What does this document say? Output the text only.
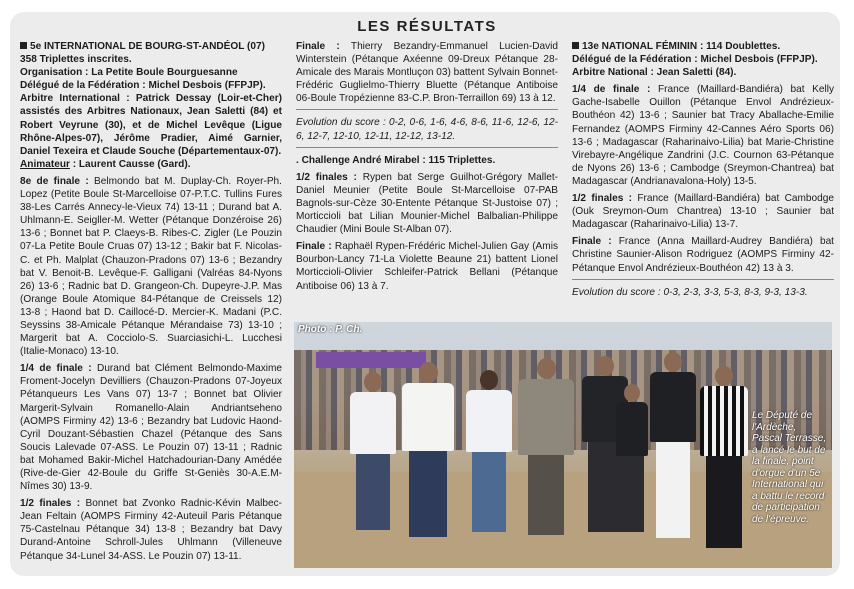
LES RÉSULTATS

5e INTERNATIONAL DE BOURG-ST-ANDÉOL (07)
358 Triplettes inscrites.
Organisation : La Petite Boule Bourguesanne
Délégué de la Fédération : Michel Desbois (FFPJP).
Arbitre International : Patrick Dessay (Loir-et-Cher) assistés des Arbitres Nationaux, Jean Saletti (84) et Robert Veyrune (30), et de Michel Levêque (Ligue Rhône-Alpes-07), Jérôme Pradier, Aimé Garnier, Daniel Texeira et Claude Souche (Départementaux-07).
Animateur : Laurent Causse (Gard).

8e de finale : Belmondo bat M. Duplay-Ch. Royer-Ph. Lopez (Petite Boule St-Marcelloise 07-P.T.C. Tullins Fures 38-Les Carrés Annecy-le-Vieux 74) 13-11 ; Durand bat A. Uhlmann-E. Seigller-M. Wetter (Pétanque Donzéroise 26) 13-6 ; Bonnet bat P. Claeys-B. Ribes-C. Zigler (Le Pouzin 07-La Petite Boule Cruas 07) 13-12 ; Bakir bat F. Nicolas-C. et Ph. Malplat (Chauzon-Pradons 07) 13-6 ; Bezandry bat V. Benoit-B. Levêque-F. Galligani (Valréas 84-Nyons 26) 13-6 ; Radnic bat D. Grangeon-Ch. Dupeyre-J.P. Mas (Orange Boule Atomique 84-Pétanque de Creissels 12) 13-8 ; Haond bat D. Caillocé-D. Mercier-K. Madani (P.C. Seyssins 38-Amicale Pétanque Mérandaise 73) 13-10 ; Margerit bat A. Cocciolo-S. Suarciasichi-L. Lucchesi (Italie-Monaco) 13-10.

1/4 de finale : Durand bat Clément Belmondo-Maxime Froment-Jocelyn Devilliers (Chauzon-Pradons 07-Joyeux Pétanqueurs Les Vans 07) 13-7 ; Bonnet bat Olivier Margerit-Sylvain Romanello-Alain Andriantseheno (AOMPS Firminy 42) 13-6 ; Bezandry bat Ludovic Haond-Cyril Douzant-Sébastien Chazel (Pétanque des Sans Soucis Lalevade 07-ASS. Le Pouzin 07) 13-11 ; Radnic bat Mohamed Bakir-Michel Hatchadourian-Dany Amédée (Rive-de-Gier 42-Boule du Griffe St-Geniès 30-A.E.M-Nîmes 30) 13-9.

1/2 finales : Bonnet bat Zvonko Radnic-Kévin Malbec-Jean Feltain (AOMPS Firminy 42-Auteuil Paris Pétanque 75-Castelnau Pétanque 34) 13-8 ; Bezandry bat Davy Durand-Antoine Schroll-Jules Uhlmann (Villeneuve Pétanque 34-Lunel 34-ASS. Le Pouzin 07) 13-11.

Finale : Thierry Bezandry-Emmanuel Lucien-David Winterstein (Pétanque Axéenne 09-Dreux Pétanque 28-Amicale des Marais Montluçon 03) battent Sylvain Bonnet-Frédéric Guglielmo-Thierry Bluette (Pétanque Antiboise 06-Boule Tropézienne 83-C.P. Bron-Terraillon 69) 13 à 12.

Evolution du score : 0-2, 0-6, 1-6, 4-6, 8-6, 11-6, 12-6, 12-6, 12-7, 12-10, 12-11, 12-12, 13-12.

. Challenge André Mirabel : 115 Triplettes.

1/2 finales : Rypen bat Serge Guilhot-Grégory Mallet-Daniel Meunier (Petite Boule St-Marcelloise 07-PAB Bagnols-sur-Cèze 30-Entente Pétanque St-Justoise 07) ; Morticcioli bat Lilian Mounier-Michel Balbalian-Philippe Chaudier (Mini Boule St-Alban 07).

Finale : Raphaël Rypen-Frédéric Michel-Julien Gay (Amis Bourbon-Lancy 71-La Violette Beaune 21) battent Lionel Morticcioli-Olivier Schleifer-Patrick Bellani (Pétanque Antiboise 06) 13 à 7.

13e NATIONAL FÉMININ : 114 Doublettes.
Délégué de la Fédération : Michel Desbois (FFPJP).
Arbitre National : Jean Saletti (84).

1/4 de finale : France (Maillard-Bandiéra) bat Kelly Gache-Isabelle Ouillon (Pétanque Envol Andrézieux-Bouthéon 42) 13-6 ; Saunier bat Tracy Aballache-Emilie Fernandez (AOMPS Firminy 42-Cannes Aéro Sports 06) 13-6 ; Madagascar (Raharinaivo-Lilia) bat Marie-Christine Virebayre-Angélique Zandrini (J.C. Cournon 63-Pétanque de Nyons 26) 13-6 ; Cambodge (Sreymon-Chantrea) bat Madagascar (Andrianavalona-Holy) 13-5.

1/2 finales : France (Maillard-Bandiéra) bat Cambodge (Ouk Sreymon-Oum Chantrea) 13-10 ; Saunier bat Madagascar (Raharinaivo-Lilia) 13-7.

Finale : France (Anna Maillard-Audrey Bandiéra) bat Christine Saunier-Alison Rodriguez (AOMPS Firminy 42-Pétanque Envol Andrézieux-Bouthéon 42) 13 à 3.

Evolution du score : 0-3, 2-3, 3-3, 5-3, 8-3, 9-3, 13-3.

Photo : P. Ch.
Le Député de l'Ardèche, Pascal Terrasse, a lancé le but de la finale, point d'orgue d'un 5e International qui a battu le record de participation de l'épreuve.
